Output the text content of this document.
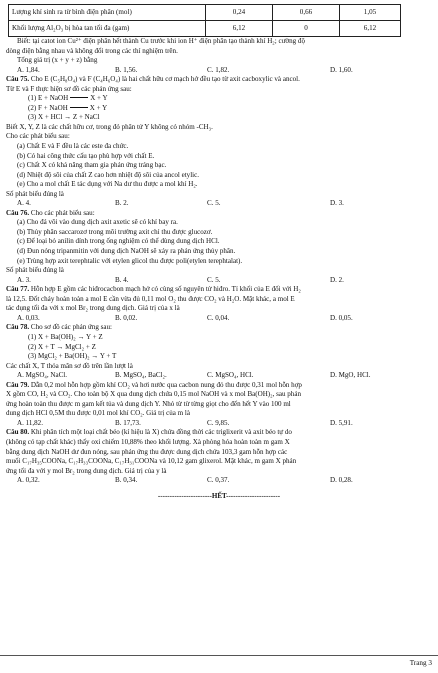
Lượng khí sinh ra từ bình điện phân (mol)	0,24	0,66	1,05
Khối lượng Al₂O₃ bị hòa tan tối đa (gam)	6,12	0	6,12
Biết: tại catot ion Cu²⁺ điện phân hết thành Cu trước khi ion H⁺ điện phân tạo thành khí H₂; cường độ
dòng điện bằng nhau và không đổi trong các thí nghiệm trên.
Tổng giá trị (x + y + z) bằng
A. 1,84.	B. 1,56.	C. 1,82.	D. 1,60.
Câu 75. Cho E (C₅H₈O₄) và F (C₄H₆O₄) là hai chất hữu cơ mạch hở đều tạo từ axit cacboxylic và ancol.
Từ E và F thực hiện sơ đồ các phản ứng sau:
(1) E + NaOH	X + Y
(2) F + NaOH	X + Y
(3) X + HCl → Z + NaCl
Biết X, Y, Z là các chất hữu cơ, trong đó phân tử Y không có nhóm -CH₃.
Cho các phát biểu sau:
(a) Chất E và F đều là các este đa chức.
(b) Có hai công thức cấu tạo phù hợp với chất E.
(c) Chất X có khả năng tham gia phản ứng tráng bạc.
(d) Nhiệt độ sôi của chất Z cao hơn nhiệt độ sôi của ancol etylic.
(e) Cho a mol chất E tác dụng với Na dư thu được a mol khí H₂.
Số phát biểu đúng là
A. 4.	B. 2.	C. 5.	D. 3.
Câu 76. Cho các phát biểu sau:
(a) Cho đá vôi vào dung dịch axit axetic sẽ có khí bay ra.
(b) Thủy phân saccarozơ trong môi trường axit chỉ thu được glucozơ.
(c) Để loại bỏ anilin dính trong ống nghiệm có thể dùng dung dịch HCl.
(d) Đun nóng tripanmitin với dung dịch NaOH sẽ xảy ra phản ứng thủy phân.
(e) Trùng hợp axit terephtalic với etylen glicol thu được poli(etylen terephtalat).
Số phát biểu đúng là
A. 3.	B. 4.	C. 5.	D. 2.
Câu 77. Hỗn hợp E gồm các hiđrocacbon mạch hở có cùng số nguyên tử hiđro. Tỉ khối của E đối với H₂
là 12,5. Đốt cháy hoàn toàn a mol E cần vừa đủ 0,11 mol O₂ thu được CO₂ và H₂O. Mặt khác, a mol E
tác dụng tối đa với x mol Br₂ trong dung dịch. Giá trị của x là
A. 0,03.	B. 0,02.	C. 0,04.	D. 0,05.
Câu 78. Cho sơ đồ các phản ứng sau:
(1) X + Ba(OH)₂ → Y + Z
(2) X + T → MgCl₂ + Z
(3) MgCl₂ + Ba(OH)₂ → Y + T
Các chất X, T thỏa mãn sơ đồ trên lần lượt là
A. MgSO₄, NaCl.	B. MgSO₄, BaCl₂.	C. MgSO₄, HCl.	D. MgO, HCl.
Câu 79. Dẫn 0,2 mol hỗn hợp gồm khí CO₂ và hơi nước qua cacbon nung đỏ thu được 0,31 mol hỗn hợp
X gồm CO, H₂ và CO₂. Cho toàn bộ X qua dung dịch chứa 0,15 mol NaOH và x mol Ba(OH)₂, sau phản
ứng hoàn toàn thu được m gam kết tủa và dung dịch Y. Nhỏ từ từ từng giọt cho đến hết Y vào 100 ml
dung dịch HCl 0,5M thu được 0,01 mol khí CO₂. Giá trị của m là
A. 11,82.	B. 17,73.	C. 9,85.	D. 5,91.
Câu 80. Khi phân tích một loại chất béo (kí hiệu là X) chứa đồng thời các triglixerit và axit béo tự do
(không có tạp chất khác) thấy oxi chiếm 10,88% theo khối lượng. Xà phòng hóa hoàn toàn m gam X
bằng dung dịch NaOH dư đun nóng, sau phản ứng thu được dung dịch chứa 103,3 gam hỗn hợp các
muối C₁₇H₃₅COONa, C₁₇H₃₃COONa, C₁₇H₃₁COONa và 10,12 gam glixerol. Mặt khác, m gam X phản
ứng tối đa với y mol Br₂ trong dung dịch. Giá trị của y là
A. 0,32.	B. 0,34.	C. 0,37.	D. 0,28.
-----------------------HẾT-----------------------
Trang 3
